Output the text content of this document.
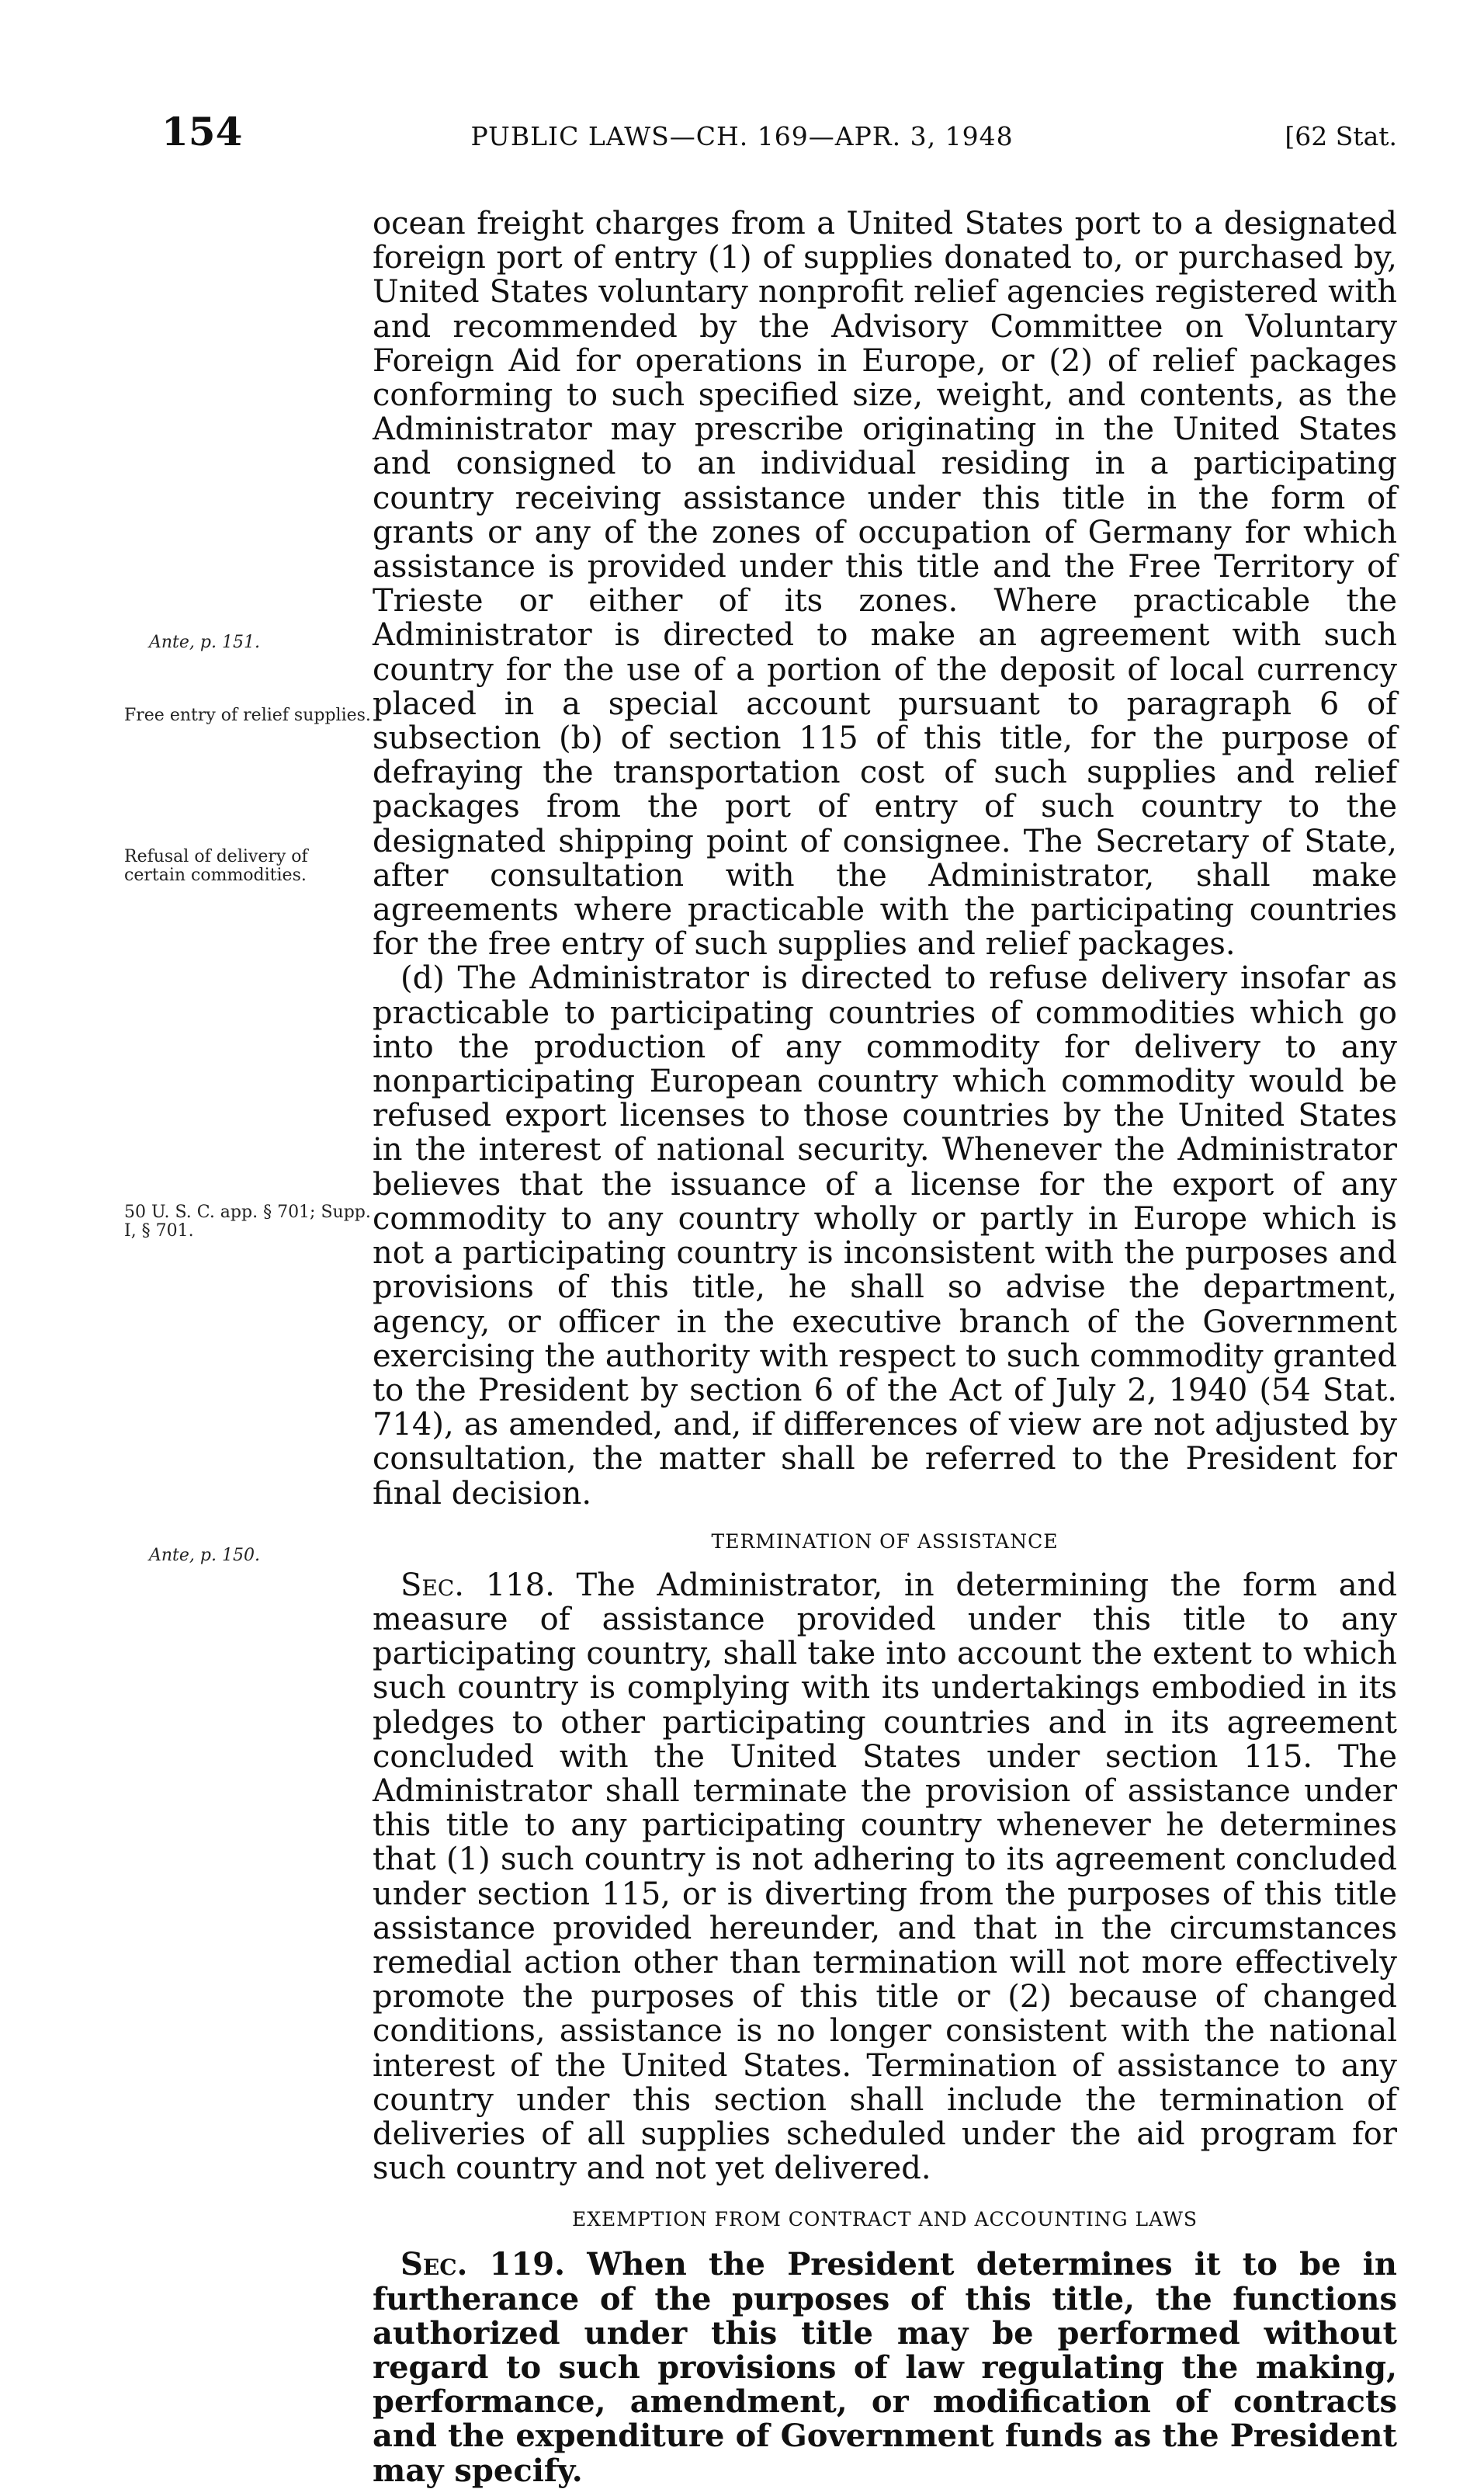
154	PUBLIC LAWS—CH. 169—APR. 3, 1948	[62 Stat.
Ante, p. 151.
Free entry of relief supplies.
Refusal of delivery of certain commodities.
50 U. S. C. app. § 701; Supp. I, § 701.
Ante, p. 150.

ocean freight charges from a United States port to a designated foreign port of entry (1) of supplies donated to, or purchased by, United States voluntary nonprofit relief agencies registered with and recommended by the Advisory Committee on Voluntary Foreign Aid for operations in Europe, or (2) of relief packages conforming to such specified size, weight, and contents, as the Administrator may prescribe originating in the United States and consigned to an individual residing in a participating country receiving assistance under this title in the form of grants or any of the zones of occupation of Germany for which assistance is provided under this title and the Free Territory of Trieste or either of its zones. Where practicable the Administrator is directed to make an agreement with such country for the use of a portion of the deposit of local currency placed in a special account pursuant to paragraph 6 of subsection (b) of section 115 of this title, for the purpose of defraying the transportation cost of such supplies and relief packages from the port of entry of such country to the designated shipping point of consignee. The Secretary of State, after consultation with the Administrator, shall make agreements where practicable with the participating countries for the free entry of such supplies and relief packages.

(d) The Administrator is directed to refuse delivery insofar as practicable to participating countries of commodities which go into the production of any commodity for delivery to any nonparticipating European country which commodity would be refused export licenses to those countries by the United States in the interest of national security. Whenever the Administrator believes that the issuance of a license for the export of any commodity to any country wholly or partly in Europe which is not a participating country is inconsistent with the purposes and provisions of this title, he shall so advise the department, agency, or officer in the executive branch of the Government exercising the authority with respect to such commodity granted to the President by section 6 of the Act of July 2, 1940 (54 Stat. 714), as amended, and, if differences of view are not adjusted by consultation, the matter shall be referred to the President for final decision.

TERMINATION OF ASSISTANCE

Sec. 118. The Administrator, in determining the form and measure of assistance provided under this title to any participating country, shall take into account the extent to which such country is complying with its undertakings embodied in its pledges to other participating countries and in its agreement concluded with the United States under section 115. The Administrator shall terminate the provision of assistance under this title to any participating country whenever he determines that (1) such country is not adhering to its agreement concluded under section 115, or is diverting from the purposes of this title assistance provided hereunder, and that in the circumstances remedial action other than termination will not more effectively promote the purposes of this title or (2) because of changed conditions, assistance is no longer consistent with the national interest of the United States. Termination of assistance to any country under this section shall include the termination of deliveries of all supplies scheduled under the aid program for such country and not yet delivered.

EXEMPTION FROM CONTRACT AND ACCOUNTING LAWS

Sec. 119. When the President determines it to be in furtherance of the purposes of this title, the functions authorized under this title may be performed without regard to such provisions of law regulating the making, performance, amendment, or modification of contracts and the expenditure of Government funds as the President may specify.
